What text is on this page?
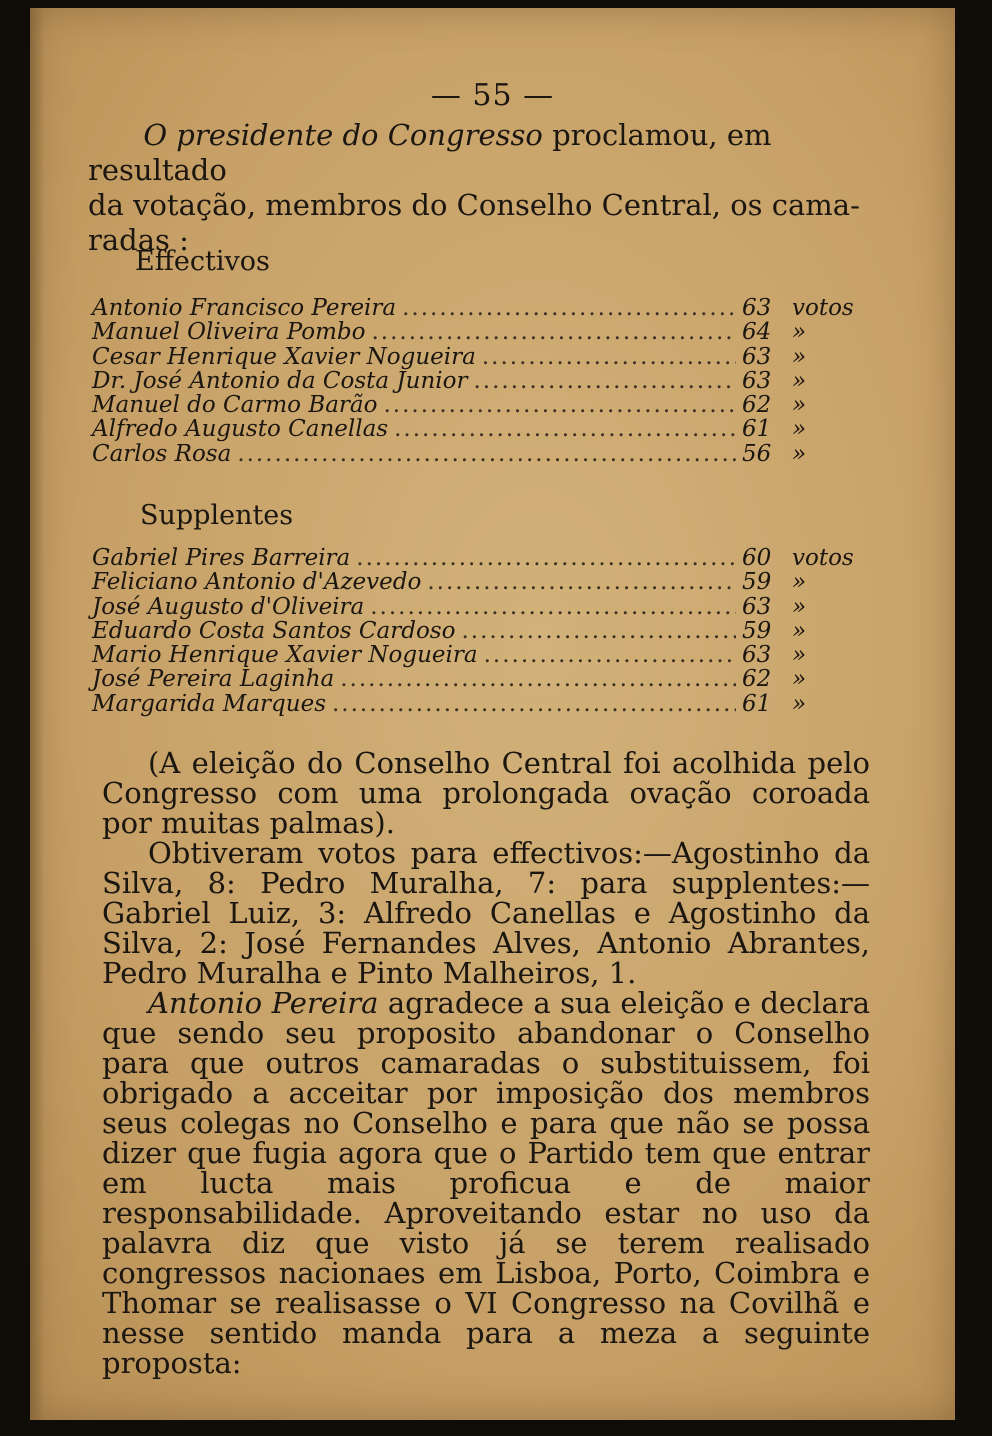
— 55 —
O presidente do Congresso proclamou, em resultado
da votação, membros do Conselho Central, os cama-
radas :
Effectivos
Antonio Francisco Pereira .....	63 votos
Manuel Oliveira Pombo .....	64 »
Cesar Henrique Xavier Nogueira .....	63 »
Dr. José Antonio da Costa Junior .....	63 »
Manuel do Carmo Barão .....	62 »
Alfredo Augusto Canellas .....	61 »
Carlos Rosa .....	56 »
Supplentes
Gabriel Pires Barreira .....	60 votos
Feliciano Antonio d'Azevedo .....	59 »
José Augusto d'Oliveira .....	63 »
Eduardo Costa Santos Cardoso .....	59 »
Mario Henrique Xavier Nogueira .....	63 »
José Pereira Laginha .....	62 »
Margarida Marques .....	61 »

(A eleição do Conselho Central foi acolhida pelo Congresso com uma prolongada ovação coroada por muitas palmas).

Obtiveram votos para effectivos:—Agostinho da Silva, 8: Pedro Muralha, 7: para supplentes:— Gabriel Luiz, 3: Alfredo Canellas e Agostinho da Silva, 2: José Fernandes Alves, Antonio Abrantes, Pedro Muralha e Pinto Malheiros, 1.

Antonio Pereira agradece a sua eleição e declara que sendo seu proposito abandonar o Conselho para que outros camaradas o substituissem, foi obrigado a acceitar por imposição dos membros seus colegas no Conselho e para que não se possa dizer que fugia agora que o Partido tem que entrar em lucta mais proficua e de maior responsabilidade. Aproveitando estar no uso da palavra diz que visto já se terem realisado congressos nacionaes em Lisboa, Porto, Coimbra e Thomar se realisasse o VI Congresso na Covilhã e nesse sentido manda para a meza a seguinte proposta:
